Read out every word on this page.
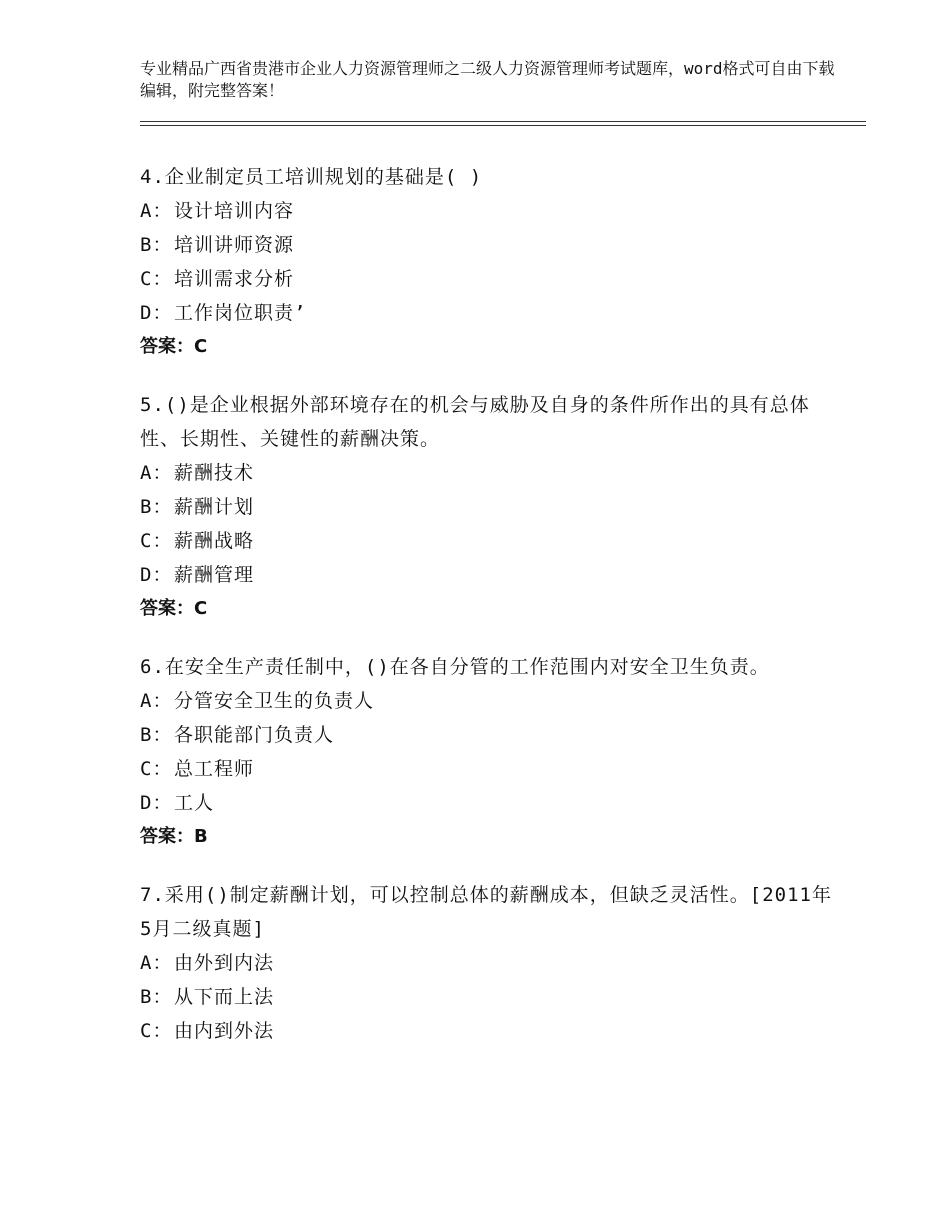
专业精品广西省贵港市企业人力资源管理师之二级人力资源管理师考试题库，word格式可自由下载编辑，附完整答案！

4.企业制定员工培训规划的基础是( )

A：设计培训内容

B：培训讲师资源

C：培训需求分析

D：工作岗位职责’

答案：C

5.()是企业根据外部环境存在的机会与威胁及自身的条件所作出的具有总体性、长期性、关键性的薪酬决策。

A：薪酬技术

B：薪酬计划

C：薪酬战略

D：薪酬管理

答案：C

6.在安全生产责任制中，()在各自分管的工作范围内对安全卫生负责。

A：分管安全卫生的负责人

B：各职能部门负责人

C：总工程师

D：工人

答案：B

7.采用()制定薪酬计划，可以控制总体的薪酬成本，但缺乏灵活性。[2011年5月二级真题]

A：由外到内法

B：从下而上法

C：由内到外法
